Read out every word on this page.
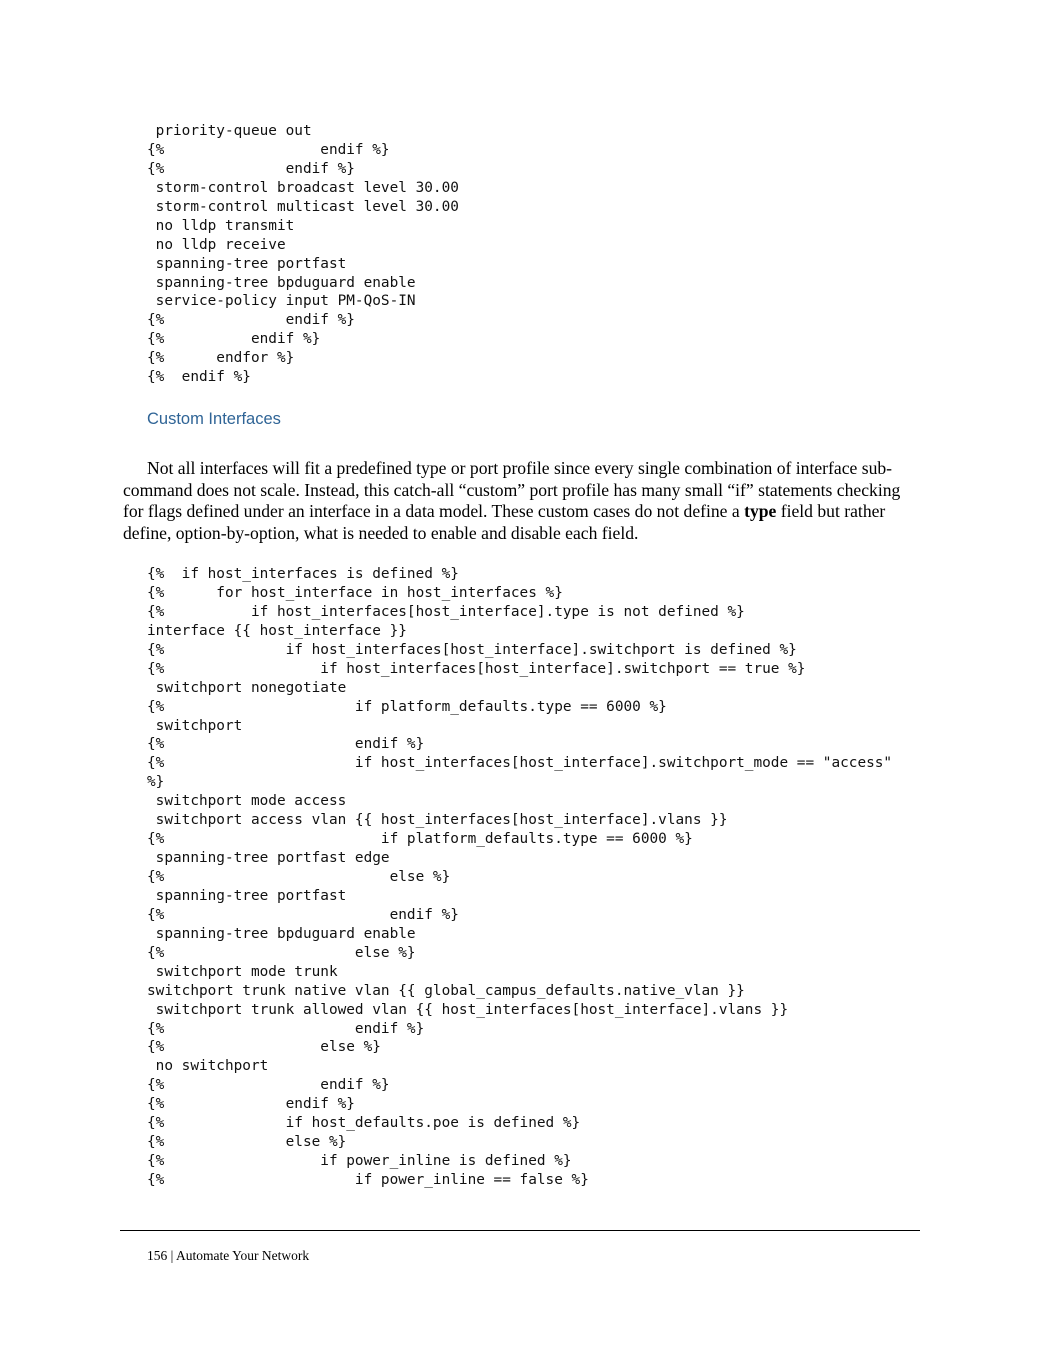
priority-queue out
{%                  endif %}
{%              endif %}
storm-control broadcast level 30.00
storm-control multicast level 30.00
no lldp transmit
no lldp receive
spanning-tree portfast
spanning-tree bpduguard enable
service-policy input PM-QoS-IN
{%              endif %}
{%          endif %}
{%      endfor %}
{%  endif %}
Custom Interfaces

Not all interfaces will fit a predefined type or port profile since every single combination of interface sub-command does not scale. Instead, this catch-all “custom” port profile has many small “if” statements checking for flags defined under an interface in a data model. These custom cases do not define a type field but rather define, option-by-option, what is needed to enable and disable each field.

{%  if host_interfaces is defined %}
{%      for host_interface in host_interfaces %}
{%          if host_interfaces[host_interface].type is not defined %}
interface {{ host_interface }}
{%              if host_interfaces[host_interface].switchport is defined %}
{%                  if host_interfaces[host_interface].switchport == true %}
switchport nonegotiate
{%                      if platform_defaults.type == 6000 %}
switchport
{%                      endif %}
{%                      if host_interfaces[host_interface].switchport_mode == "access"
%}
switchport mode access
switchport access vlan {{ host_interfaces[host_interface].vlans }}
{%                         if platform_defaults.type == 6000 %}
spanning-tree portfast edge
{%                          else %}
spanning-tree portfast
{%                          endif %}
spanning-tree bpduguard enable
{%                      else %}
switchport mode trunk
switchport trunk native vlan {{ global_campus_defaults.native_vlan }}
switchport trunk allowed vlan {{ host_interfaces[host_interface].vlans }}
{%                      endif %}
{%                  else %}
no switchport
{%                  endif %}
{%              endif %}
{%              if host_defaults.poe is defined %}
{%              else %}
{%                  if power_inline is defined %}
{%                      if power_inline == false %}
156 | Automate Your Network
